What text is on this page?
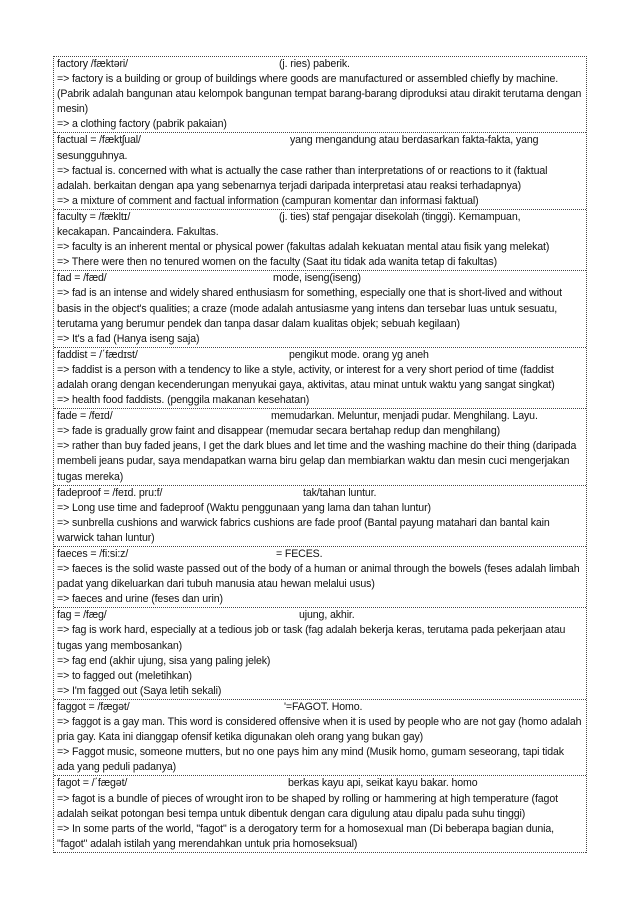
factory /fæktəri/	(j. ries) paberik.
=> factory is a building or group of buildings where goods are manufactured or assembled chiefly by machine. (Pabrik adalah bangunan atau kelompok bangunan tempat barang-barang diproduksi atau dirakit terutama dengan mesin)
=> a clothing factory (pabrik pakaian)
factual = /fæktʃual/	yang mengandung atau berdasarkan fakta-fakta, yang
sesungguhnya.
=> factual is. concerned with what is actually the case rather than interpretations of or reactions to it (faktual adalah. berkaitan dengan apa yang sebenarnya terjadi daripada interpretasi atau reaksi terhadapnya)
=> a mixture of comment and factual information (campuran komentar dan informasi faktual)
faculty = /fækltɪ/	(j. ties) staf pengajar disekolah (tinggi). Kemampuan,
kecakapan. Pancaindera. Fakultas.
=> faculty is an inherent mental or physical power (fakultas adalah kekuatan mental atau fisik yang melekat)
=> There were then no tenured women on the faculty (Saat itu tidak ada wanita tetap di fakultas)
fad = /fæd/	mode, iseng(iseng)
=> fad is an intense and widely shared enthusiasm for something, especially one that is short-lived and without basis in the object's qualities; a craze (mode adalah antusiasme yang intens dan tersebar luas untuk sesuatu, terutama yang berumur pendek dan tanpa dasar dalam kualitas objek; sebuah kegilaan)
=> It's a fad (Hanya iseng saja)
faddist = /΄fædɪst/	pengikut mode. orang yg aneh
=> faddist is a person with a tendency to like a style, activity, or interest for a very short period of time (faddist adalah orang dengan kecenderungan menyukai gaya, aktivitas, atau minat untuk waktu yang sangat singkat)
=> health food faddists. (penggila makanan kesehatan)
fade = /feɪd/	memudarkan. Meluntur, menjadi pudar. Menghilang. Layu.
=> fade is gradually grow faint and disappear (memudar secara bertahap redup dan menghilang)
=> rather than buy faded jeans, I get the dark blues and let time and the washing machine do their thing (daripada membeli jeans pudar, saya mendapatkan warna biru gelap dan membiarkan waktu dan mesin cuci mengerjakan tugas mereka)
fadeproof = /feɪd. pru:f/	tak/tahan luntur.
=> Long use time and fadeproof (Waktu penggunaan yang lama dan tahan luntur)
=> sunbrella cushions and warwick fabrics cushions are fade proof (Bantal payung matahari dan bantal kain warwick tahan luntur)
faeces = /fi:si:z/	= FECES.
=> faeces is the solid waste passed out of the body of a human or animal through the bowels (feses adalah limbah padat yang dikeluarkan dari tubuh manusia atau hewan melalui usus)
=> faeces and urine (feses dan urin)
fag = /fæg/	ujung, akhir.
=> fag is work hard, especially at a tedious job or task (fag adalah bekerja keras, terutama pada pekerjaan atau tugas yang membosankan)
=> fag end (akhir ujung, sisa yang paling jelek)
=> to fagged out (meletihkan)
=> I'm fagged out (Saya letih sekali)
faggot = /fægət/	'=FAGOT. Homo.
=> faggot is a gay man. This word is considered offensive when it is used by people who are not gay (homo adalah pria gay. Kata ini dianggap ofensif ketika digunakan oleh orang yang bukan gay)
=> Faggot music, someone mutters, but no one pays him any mind (Musik homo, gumam seseorang, tapi tidak ada yang peduli padanya)
fagot = /΄fægət/	berkas kayu api, seikat kayu bakar. homo
=> fagot is a bundle of pieces of wrought iron to be shaped by rolling or hammering at high temperature (fagot adalah seikat potongan besi tempa untuk dibentuk dengan cara digulung atau dipalu pada suhu tinggi)
=> In some parts of the world, "fagot" is a derogatory term for a homosexual man (Di beberapa bagian dunia, "fagot" adalah istilah yang merendahkan untuk pria homoseksual)
